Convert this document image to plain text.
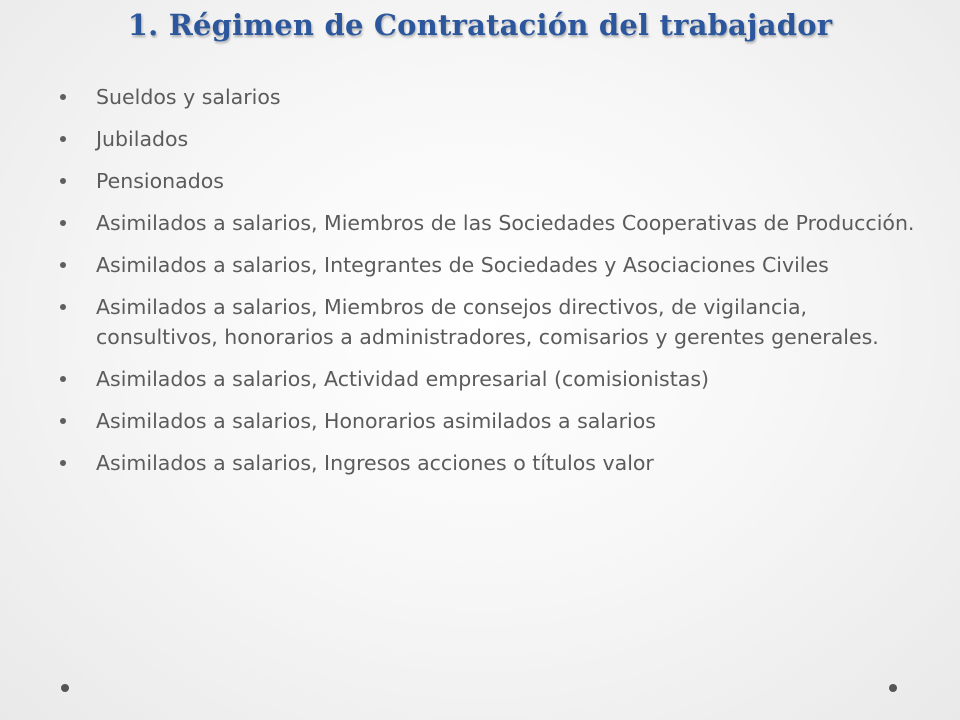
1. Régimen de Contratación del trabajador
Sueldos y salarios
Jubilados
Pensionados
Asimilados a salarios, Miembros de las Sociedades Cooperativas de Producción.
Asimilados a salarios, Integrantes de Sociedades y Asociaciones Civiles
Asimilados a salarios, Miembros de consejos directivos, de vigilancia, consultivos, honorarios a administradores, comisarios y gerentes generales.
Asimilados a salarios, Actividad empresarial (comisionistas)
Asimilados a salarios, Honorarios asimilados a salarios
Asimilados a salarios, Ingresos acciones o títulos valor
